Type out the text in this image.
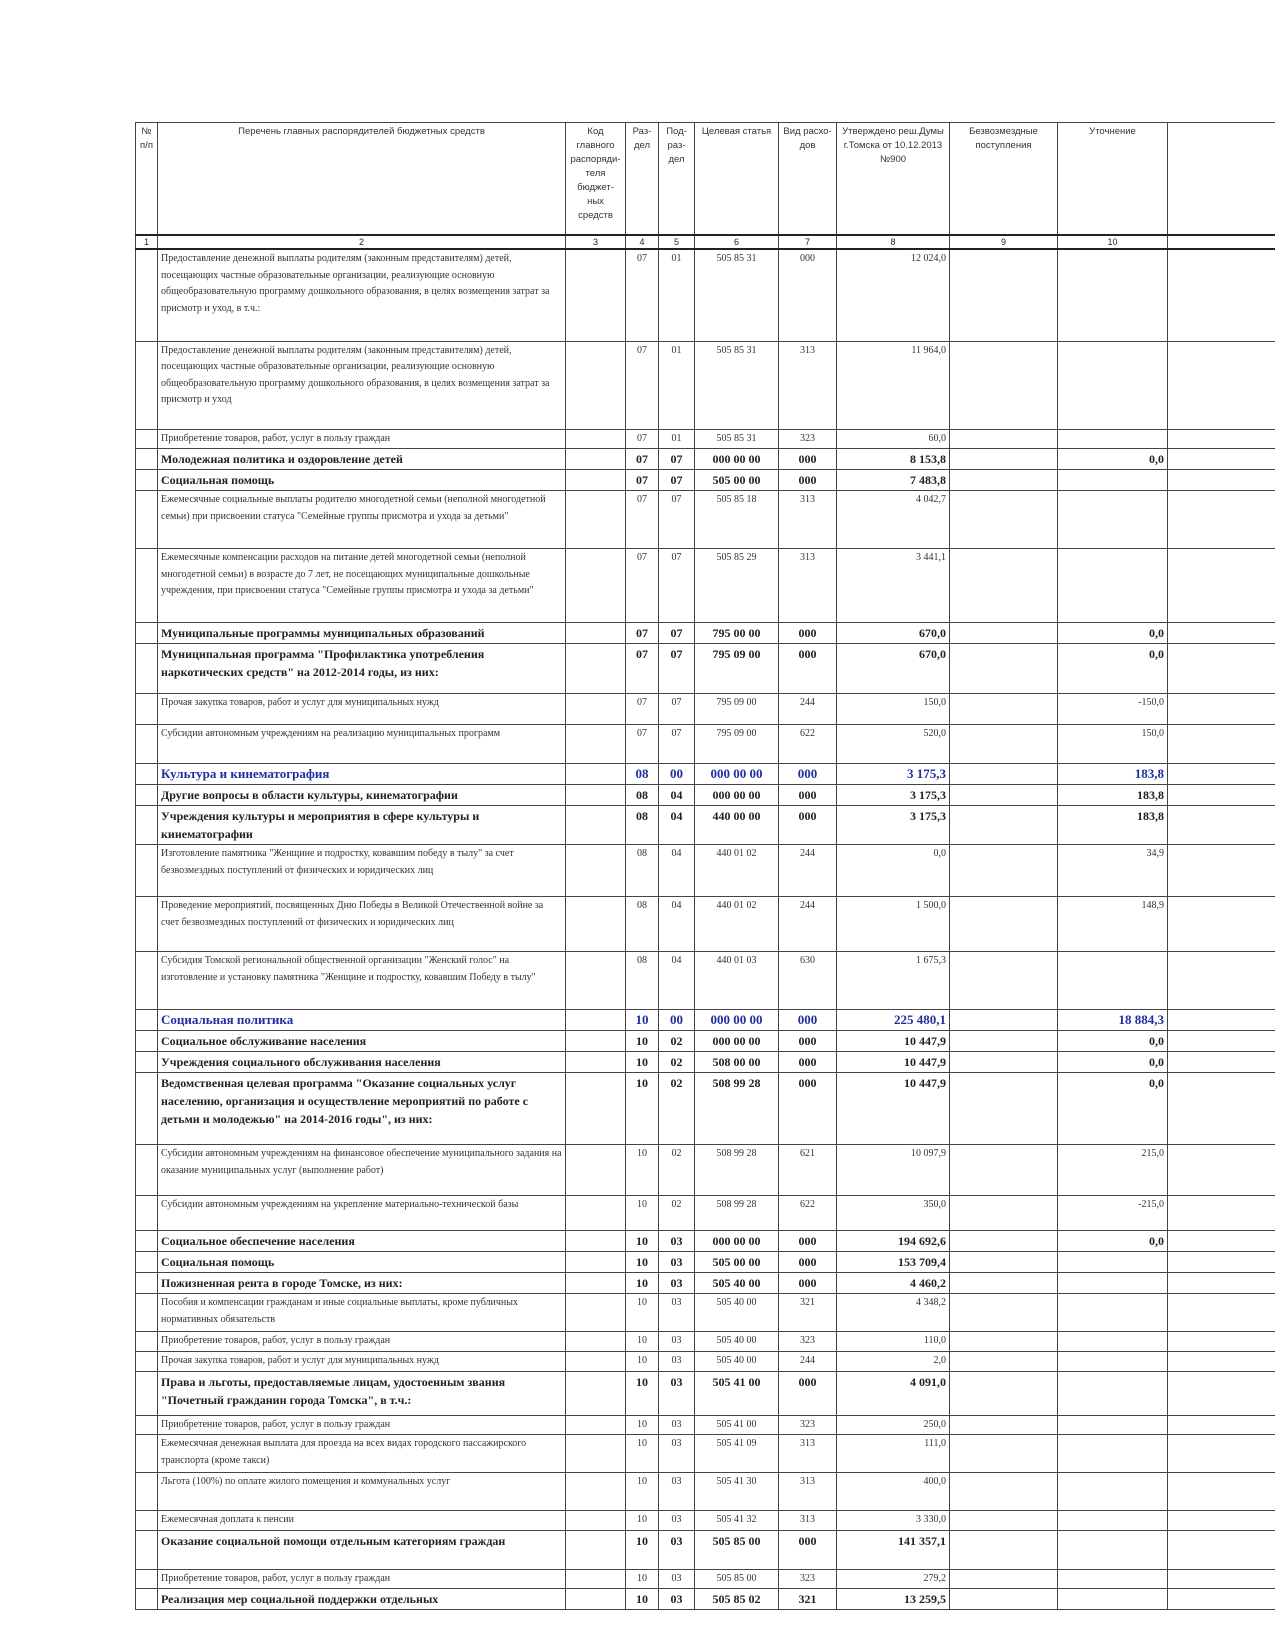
№ п/п	Перечень главных распорядителей бюджетных средств	Код главного распоряди-теля бюджет-ных средств	Раз-дел	Под-раз-дел	Целевая статья	Вид расхо-дов	Утверждено реш.Думы г.Томска от 10.12.2013 №900	Безвозмездные поступления	Уточнение	
1	2	3	4	5	6	7	8	9	10	
	Предоставление денежной выплаты родителям (законным представителям) детей, посещающих частные образовательные организации, реализующие основную общеобразовательную программу дошкольного образования, в целях возмещения затрат за присмотр и уход, в т.ч.:		07	01	505 85 31	000	12 024,0			
	Предоставление денежной выплаты родителям (законным представителям) детей, посещающих частные образовательные организации, реализующие основную общеобразовательную программу дошкольного образования, в целях возмещения затрат за присмотр и уход		07	01	505 85 31	313	11 964,0			
	Приобретение товаров, работ, услуг в пользу граждан		07	01	505 85 31	323	60,0			
	Молодежная политика и оздоровление детей		07	07	000 00 00	000	8 153,8		0,0	
	Социальная помощь		07	07	505 00 00	000	7 483,8			
	Ежемесячные социальные выплаты родителю многодетной семьи (неполной многодетной семьи) при присвоении статуса "Семейные группы присмотра и ухода за детьми"		07	07	505 85 18	313	4 042,7			
	Ежемесячные компенсации расходов на питание детей многодетной семьи (неполной многодетной семьи) в возрасте до 7 лет, не посещающих муниципальные дошкольные учреждения, при присвоении статуса "Семейные группы присмотра и ухода за детьми"		07	07	505 85 29	313	3 441,1			
	Муниципальные программы муниципальных образований		07	07	795 00 00	000	670,0		0,0	
	Муниципальная программа "Профилактика употребления наркотических средств" на 2012-2014 годы, из них:		07	07	795 09 00	000	670,0		0,0	
	Прочая закупка товаров, работ и услуг для муниципальных нужд		07	07	795 09 00	244	150,0		-150,0	
	Субсидии автономным учреждениям на реализацию муниципальных программ		07	07	795 09 00	622	520,0		150,0	
	Культура и кинематография		08	00	000 00 00	000	3 175,3		183,8	
	Другие вопросы в области культуры, кинематографии		08	04	000 00 00	000	3 175,3		183,8	
	Учреждения культуры и мероприятия в сфере культуры и кинематографии		08	04	440 00 00	000	3 175,3		183,8	
	Изготовление памятника "Женщине и подростку, ковавшим победу в тылу" за счет безвозмездных поступлений от физических и юридических лиц		08	04	440 01 02	244	0,0		34,9	
	Проведение мероприятий, посвященных Дню Победы в Великой Отечественной войне за счет безвозмездных поступлений от физических и юридических лиц		08	04	440 01 02	244	1 500,0		148,9	
	Субсидия Томской региональной общественной организации "Женский голос" на изготовление и установку памятника "Женщине и подростку, ковавшим Победу в тылу"		08	04	440 01 03	630	1 675,3			
	Социальная политика		10	00	000 00 00	000	225 480,1		18 884,3	
	Социальное обслуживание населения		10	02	000 00 00	000	10 447,9		0,0	
	Учреждения социального обслуживания населения		10	02	508 00 00	000	10 447,9		0,0	
	Ведомственная целевая программа "Оказание социальных услуг населению, организация и осуществление мероприятий по работе с детьми и молодежью" на 2014-2016 годы", из них:		10	02	508 99 28	000	10 447,9		0,0	
	Субсидии автономным учреждениям на финансовое обеспечение муниципального задания на оказание муниципальных услуг (выполнение работ)		10	02	508 99 28	621	10 097,9		215,0	
	Субсидии автономным учреждениям на укрепление материально-технической базы		10	02	508 99 28	622	350,0		-215,0	
	Социальное обеспечение населения		10	03	000 00 00	000	194 692,6		0,0	
	Социальная помощь		10	03	505 00 00	000	153 709,4			
	Пожизненная рента в городе Томске, из них:		10	03	505 40 00	000	4 460,2			
	Пособия и компенсации гражданам и иные социальные выплаты, кроме публичных нормативных обязательств		10	03	505 40 00	321	4 348,2			
	Приобретение товаров, работ, услуг в пользу граждан		10	03	505 40 00	323	110,0			
	Прочая закупка товаров, работ и услуг для муниципальных нужд		10	03	505 40 00	244	2,0			
	Права и льготы, предоставляемые лицам, удостоенным звания "Почетный гражданин города Томска", в т.ч.:		10	03	505 41 00	000	4 091,0			
	Приобретение товаров, работ, услуг в пользу граждан		10	03	505 41 00	323	250,0			
	Ежемесячная денежная выплата для проезда на всех видах городского пассажирского транспорта (кроме такси)		10	03	505 41 09	313	111,0			
	Льгота (100%) по оплате жилого помещения и коммунальных услуг		10	03	505 41 30	313	400,0			
	Ежемесячная доплата к пенсии		10	03	505 41 32	313	3 330,0			
	Оказание социальной помощи отдельным категориям граждан		10	03	505 85 00	000	141 357,1			
	Приобретение товаров, работ, услуг в пользу граждан		10	03	505 85 00	323	279,2			
	Реализация мер социальной поддержки отдельных		10	03	505 85 02	321	13 259,5			
